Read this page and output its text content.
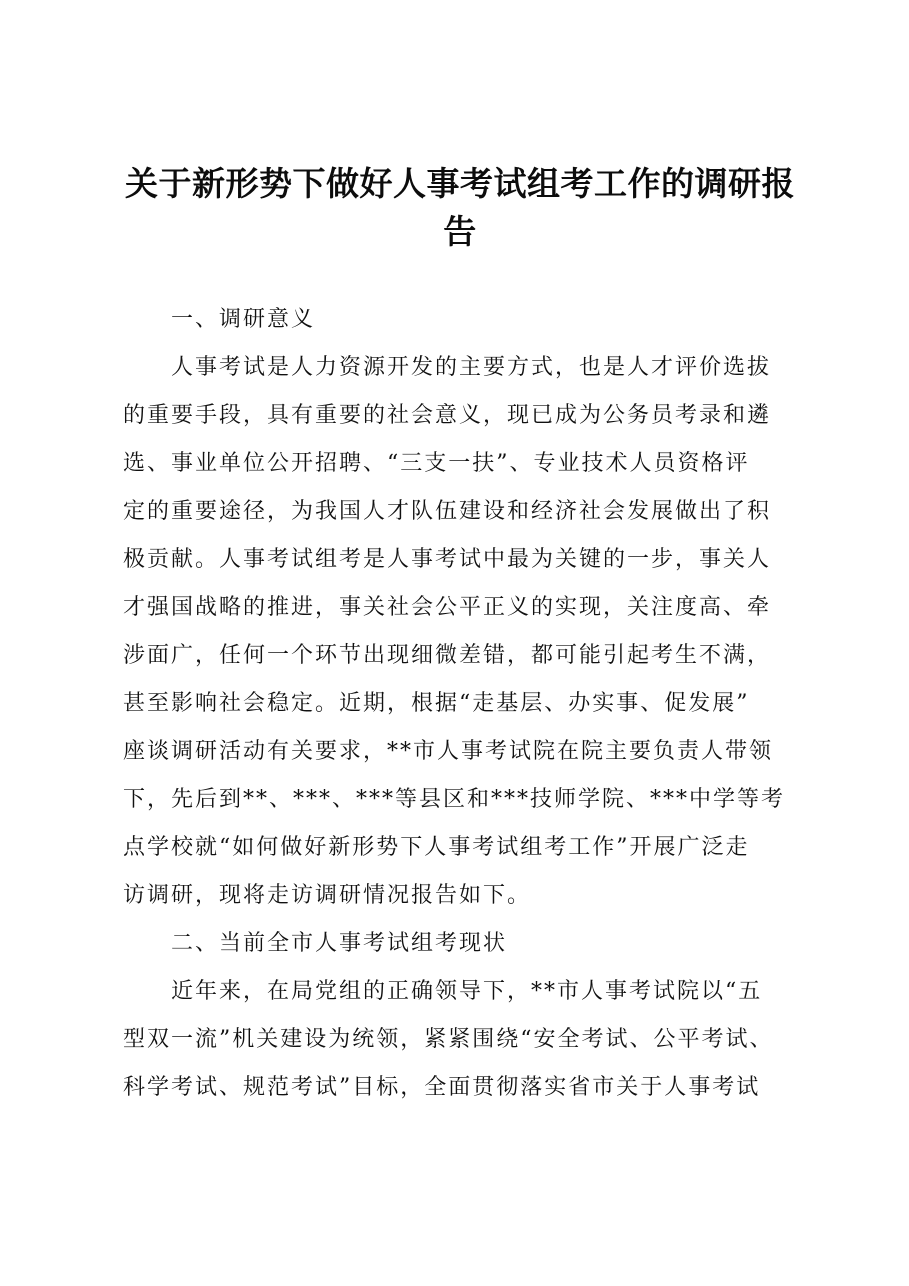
关于新形势下做好人事考试组考工作的调研报
告
一、调研意义
人事考试是人力资源开发的主要方式，也是人才评价选拔
的重要手段，具有重要的社会意义，现已成为公务员考录和遴
选、事业单位公开招聘、“三支一扶”、专业技术人员资格评
定的重要途径，为我国人才队伍建设和经济社会发展做出了积
极贡献。人事考试组考是人事考试中最为关键的一步，事关人
才强国战略的推进，事关社会公平正义的实现，关注度高、牵
涉面广，任何一个环节出现细微差错，都可能引起考生不满，
甚至影响社会稳定。近期，根据“走基层、办实事、促发展”
座谈调研活动有关要求，**市人事考试院在院主要负责人带领
下，先后到**、***、***等县区和***技师学院、***中学等考
点学校就“如何做好新形势下人事考试组考工作”开展广泛走
访调研，现将走访调研情况报告如下。
二、当前全市人事考试组考现状
近年来，在局党组的正确领导下，**市人事考试院以“五
型双一流”机关建设为统领，紧紧围绕“安全考试、公平考试、
科学考试、规范考试”目标，全面贯彻落实省市关于人事考试
